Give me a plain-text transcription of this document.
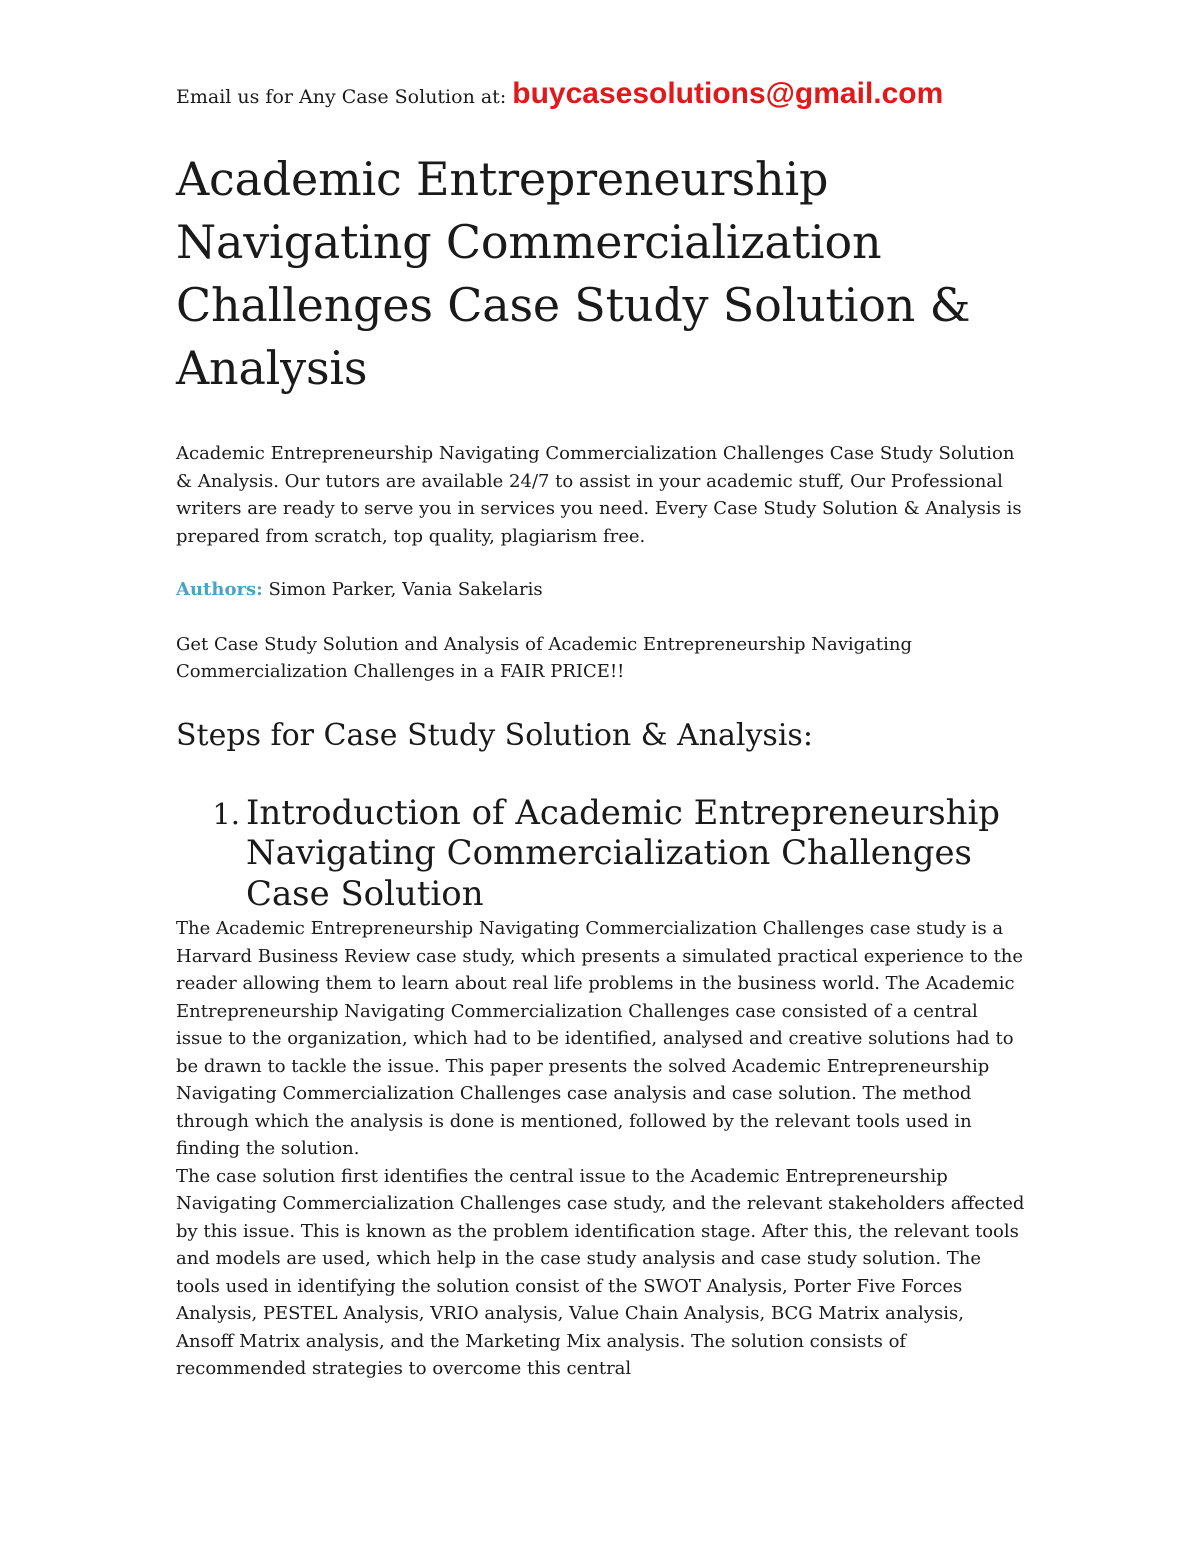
Email us for Any Case Solution at: buycasesolutions@gmail.com
Academic Entrepreneurship Navigating Commercialization Challenges Case Study Solution & Analysis

Academic Entrepreneurship Navigating Commercialization Challenges Case Study Solution & Analysis. Our tutors are available 24/7 to assist in your academic stuff, Our Professional writers are ready to serve you in services you need. Every Case Study Solution & Analysis is prepared from scratch, top quality, plagiarism free.

Authors: Simon Parker, Vania Sakelaris

Get Case Study Solution and Analysis of Academic Entrepreneurship Navigating Commercialization Challenges in a FAIR PRICE!!

Steps for Case Study Solution & Analysis:
1. Introduction of Academic Entrepreneurship Navigating Commercialization Challenges Case Solution

The Academic Entrepreneurship Navigating Commercialization Challenges case study is a Harvard Business Review case study, which presents a simulated practical experience to the reader allowing them to learn about real life problems in the business world. The Academic Entrepreneurship Navigating Commercialization Challenges case consisted of a central issue to the organization, which had to be identified, analysed and creative solutions had to be drawn to tackle the issue. This paper presents the solved Academic Entrepreneurship Navigating Commercialization Challenges case analysis and case solution. The method through which the analysis is done is mentioned, followed by the relevant tools used in finding the solution.

The case solution first identifies the central issue to the Academic Entrepreneurship Navigating Commercialization Challenges case study, and the relevant stakeholders affected by this issue. This is known as the problem identification stage. After this, the relevant tools and models are used, which help in the case study analysis and case study solution. The tools used in identifying the solution consist of the SWOT Analysis, Porter Five Forces Analysis, PESTEL Analysis, VRIO analysis, Value Chain Analysis, BCG Matrix analysis, Ansoff Matrix analysis, and the Marketing Mix analysis. The solution consists of recommended strategies to overcome this central
